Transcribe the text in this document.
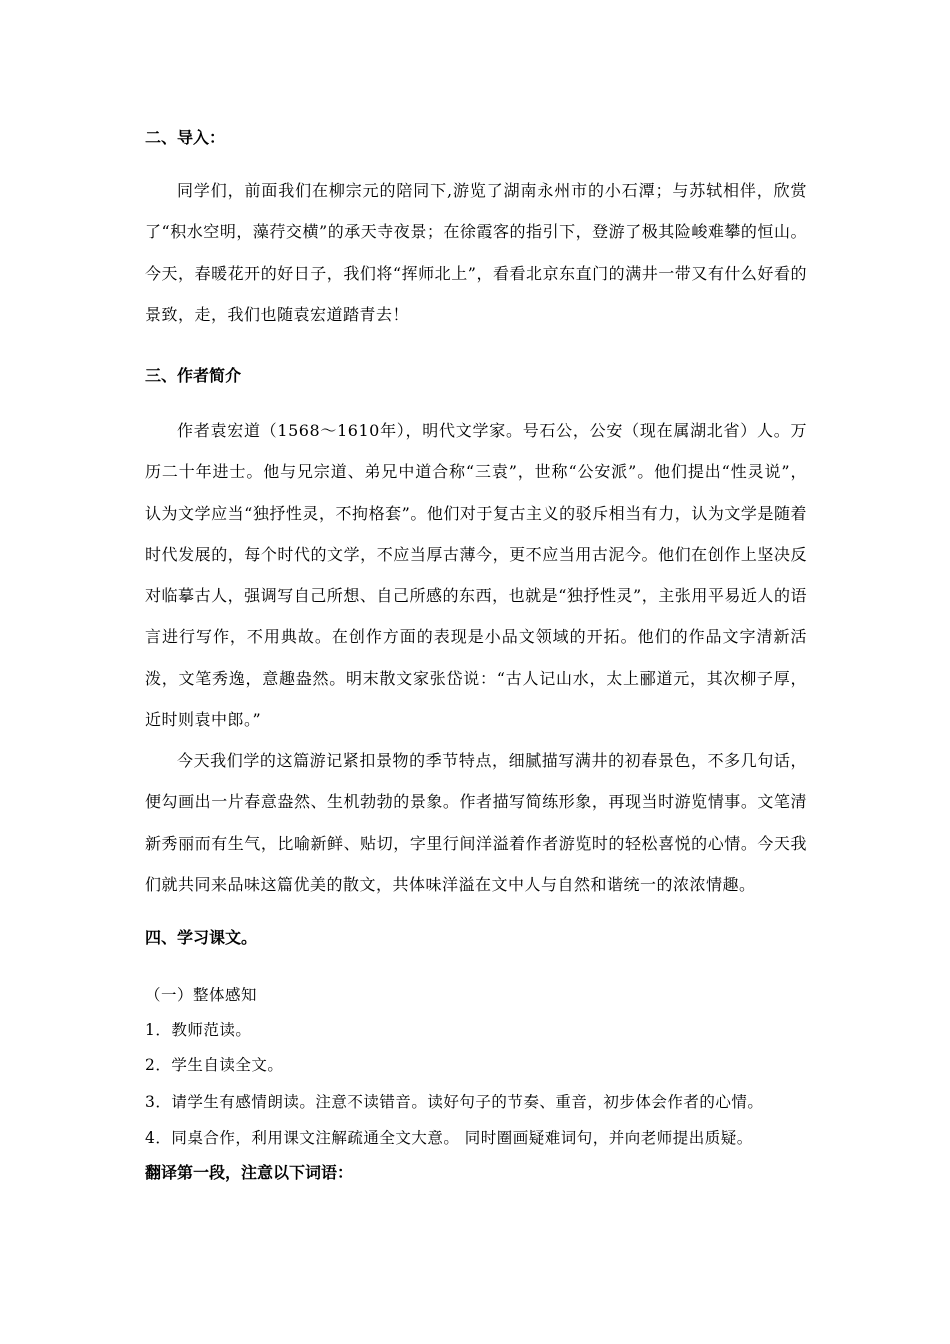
二、导入：

同学们，前面我们在柳宗元的陪同下,游览了湖南永州市的小石潭；与苏轼相伴，欣赏了“积水空明，藻荇交横”的承天寺夜景；在徐霞客的指引下，登游了极其险峻难攀的恒山。今天，春暖花开的好日子，我们将“挥师北上”，看看北京东直门的满井一带又有什么好看的景致，走，我们也随袁宏道踏青去！

三、作者简介

作者袁宏道（1568～1610年），明代文学家。号石公，公安（现在属湖北省）人。万历二十年进士。他与兄宗道、弟兄中道合称“三袁”，世称“公安派”。他们提出“性灵说”，认为文学应当“独抒性灵，不拘格套”。他们对于复古主义的驳斥相当有力，认为文学是随着时代发展的，每个时代的文学，不应当厚古薄今，更不应当用古泥今。他们在创作上坚决反对临摹古人，强调写自己所想、自己所感的东西，也就是“独抒性灵”，主张用平易近人的语言进行写作，不用典故。在创作方面的表现是小品文领域的开拓。他们的作品文字清新活泼，文笔秀逸，意趣盎然。明末散文家张岱说：“古人记山水，太上郦道元，其次柳子厚，近时则袁中郎。”

今天我们学的这篇游记紧扣景物的季节特点，细腻描写满井的初春景色，不多几句话，便勾画出一片春意盎然、生机勃勃的景象。作者描写简练形象，再现当时游览情事。文笔清新秀丽而有生气，比喻新鲜、贴切，字里行间洋溢着作者游览时的轻松喜悦的心情。今天我们就共同来品味这篇优美的散文，共体味洋溢在文中人与自然和谐统一的浓浓情趣。

四、学习课文。

（一）整体感知

1．教师范读。

2．学生自读全文。

3．请学生有感情朗读。注意不读错音。读好句子的节奏、重音，初步体会作者的心情。

4．同桌合作，利用课文注解疏通全文大意。 同时圈画疑难词句，并向老师提出质疑。

翻译第一段，注意以下词语：
